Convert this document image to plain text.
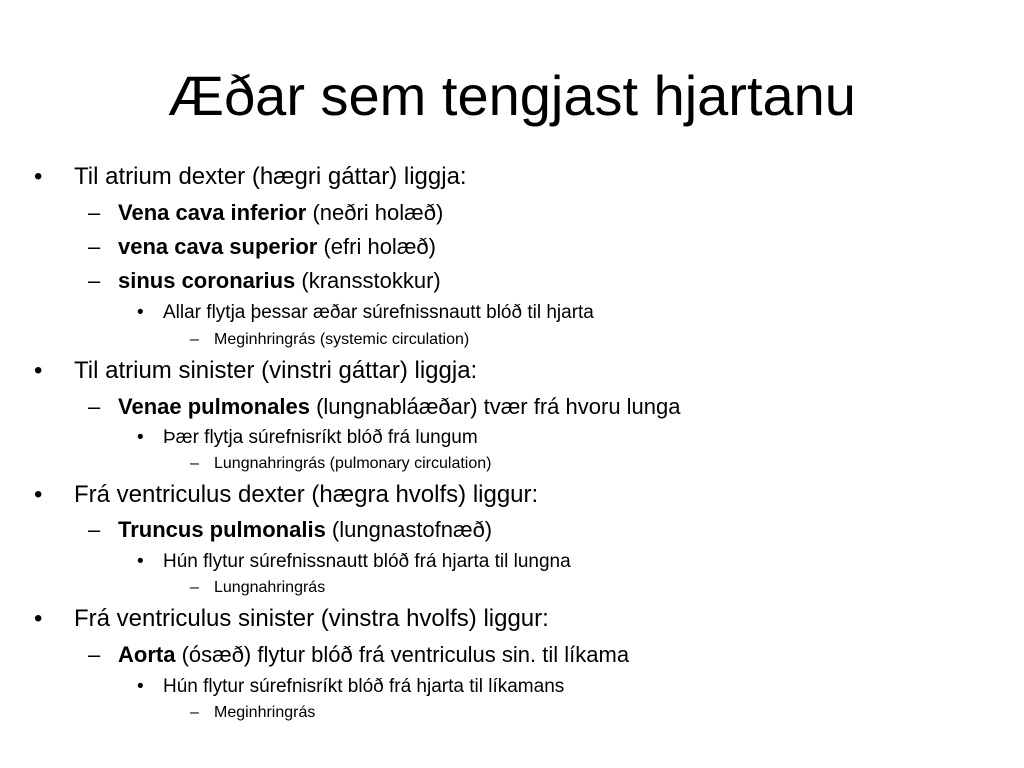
Æðar sem tengjast hjartanu
• Til atrium dexter (hægri gáttar) liggja:
– Vena cava inferior (neðri holæð)
– vena cava superior (efri holæð)
– sinus coronarius (kransstokkur)
• Allar flytja þessar æðar súrefnissnautt blóð til hjarta
– Meginhringrás (systemic circulation)
• Til atrium sinister (vinstri gáttar) liggja:
– Venae pulmonales (lungnabláæðar) tvær frá hvoru lunga
• Þær flytja súrefnisríkt blóð frá lungum
– Lungnahringrás (pulmonary circulation)
• Frá ventriculus dexter (hægra hvolfs) liggur:
– Truncus pulmonalis (lungnastofnæð)
• Hún flytur súrefnissnautt blóð frá hjarta til lungna
– Lungnahringrás
• Frá ventriculus sinister (vinstra hvolfs) liggur:
– Aorta (ósæð) flytur blóð frá ventriculus sin. til líkama
• Hún flytur súrefnisríkt blóð frá hjarta til líkamans
– Meginhringrás
